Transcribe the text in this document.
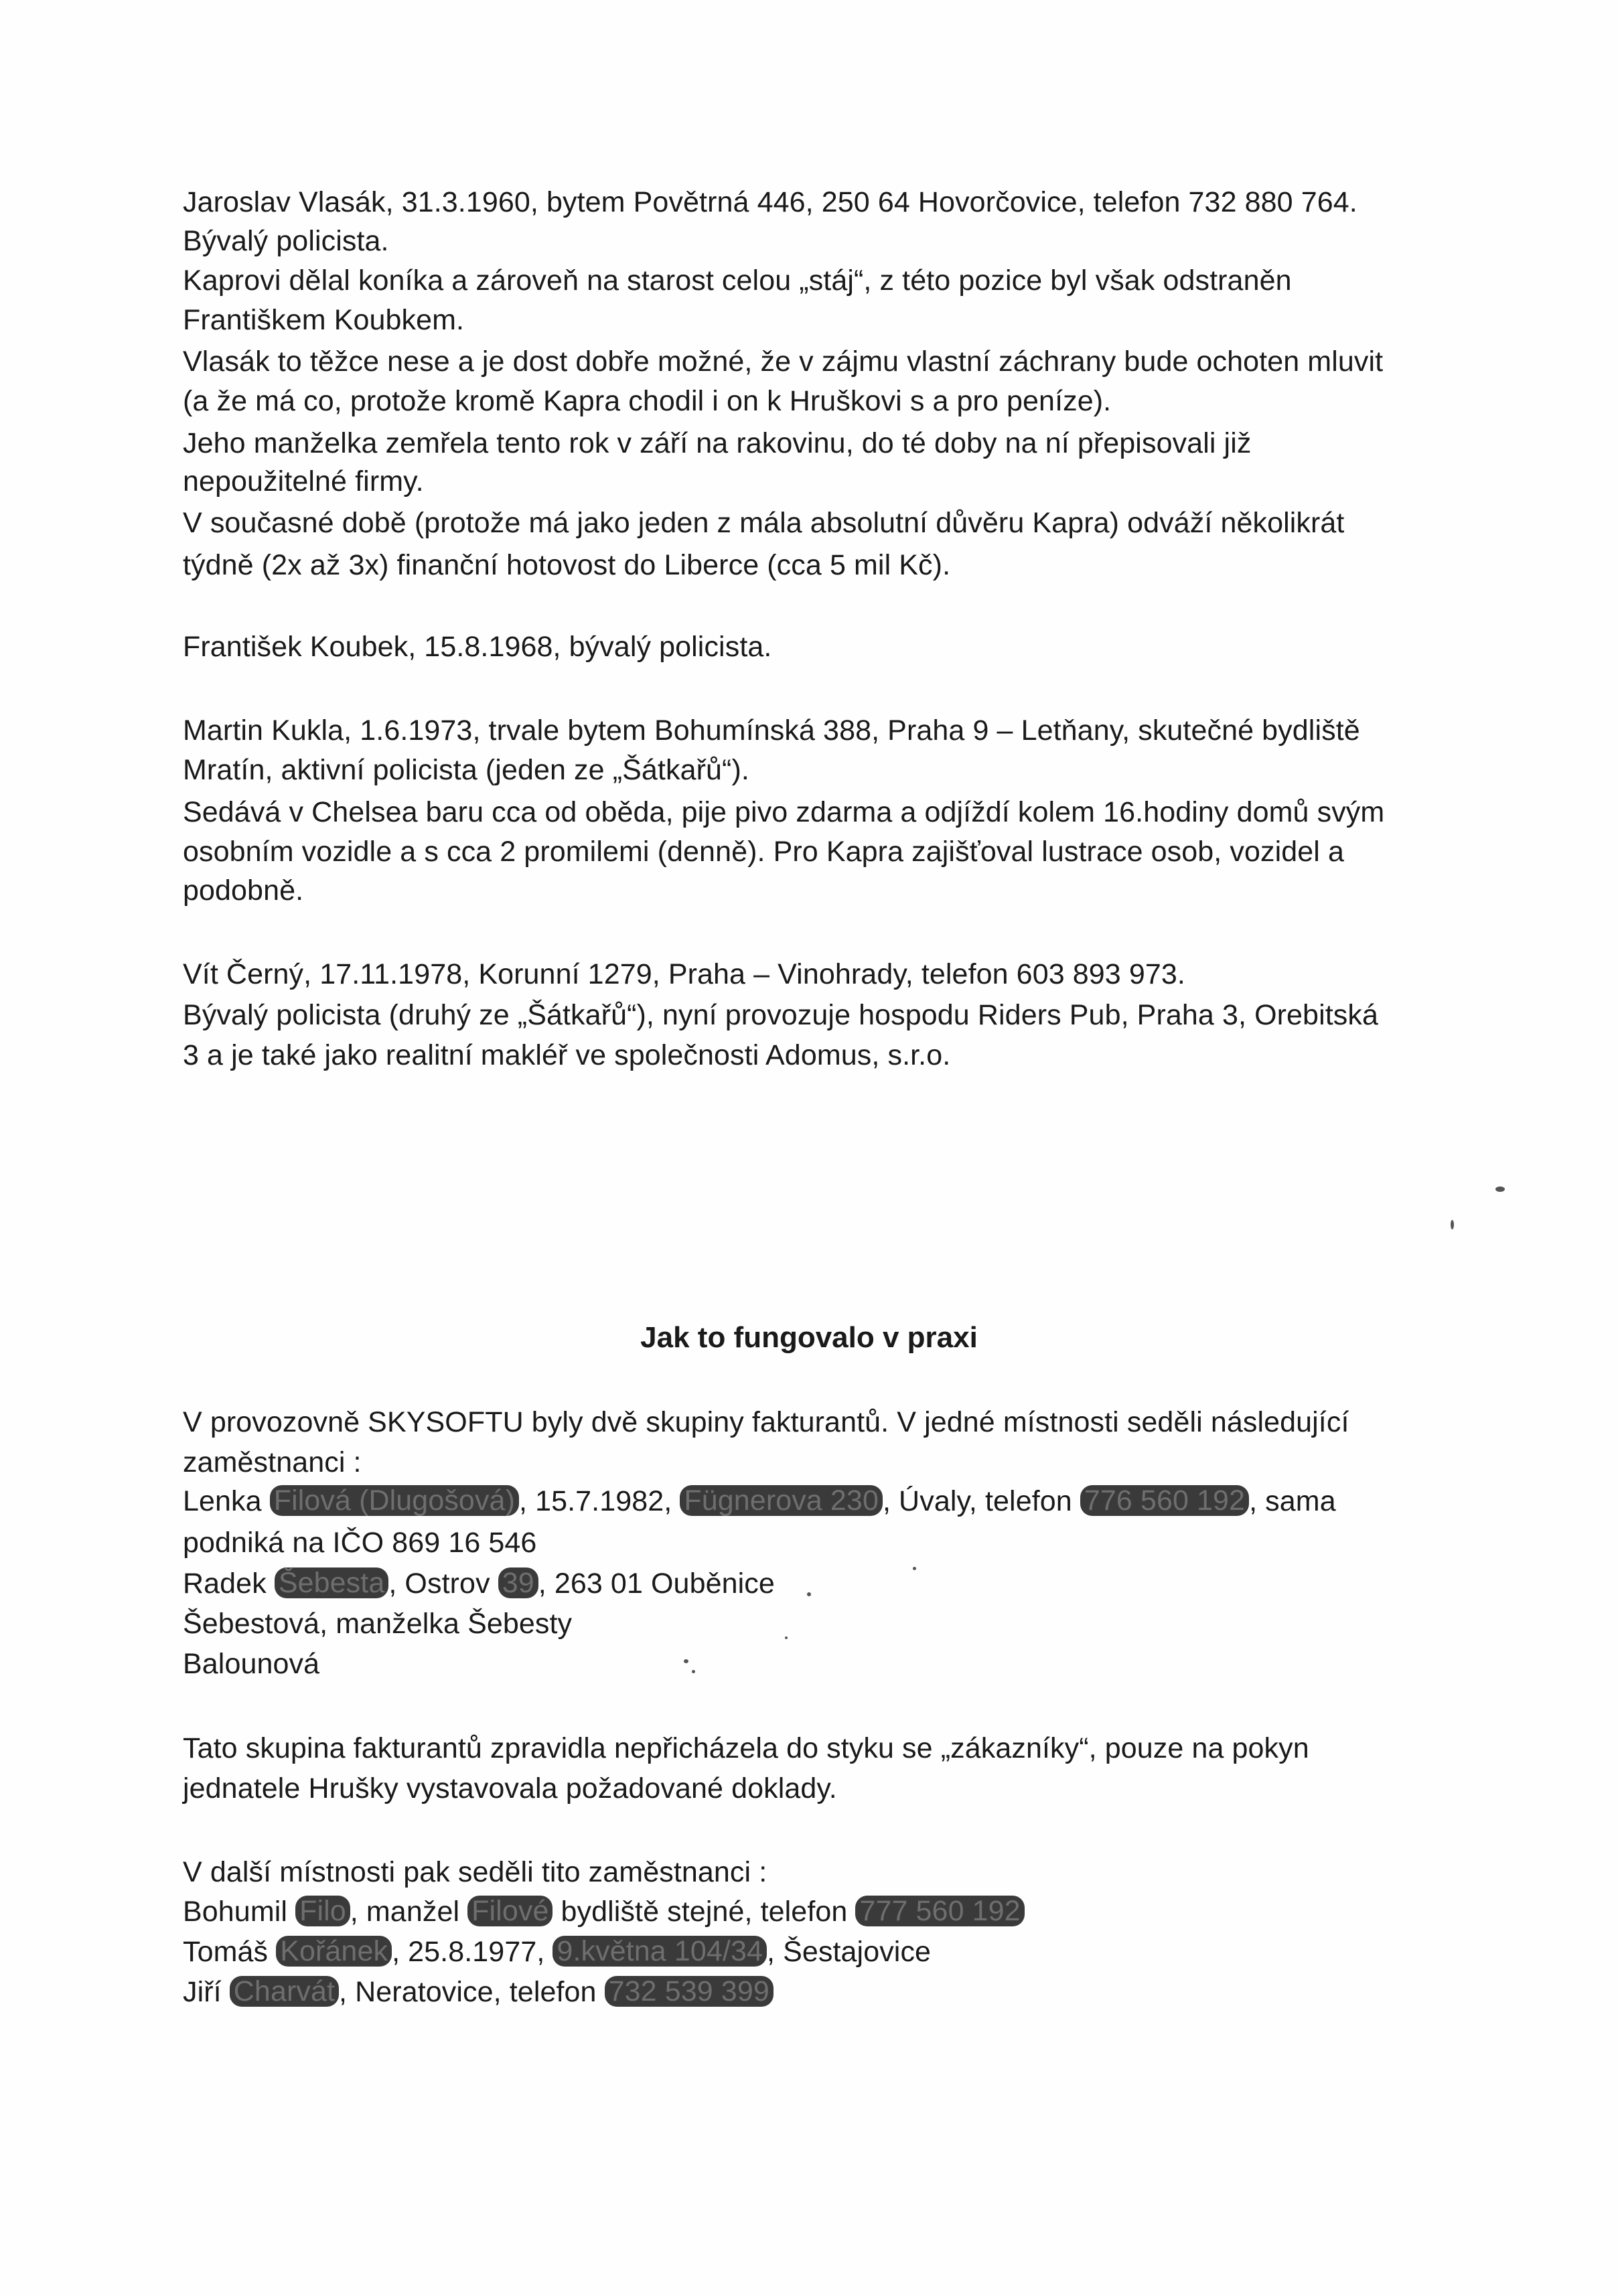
Jaroslav Vlasák, 31.3.1960, bytem Povětrná 446, 250 64 Hovorčovice, telefon 732 880 764.
Bývalý policista.
Kaprovi dělal koníka a zároveň na starost celou „stáj“, z této pozice byl však odstraněn
Františkem Koubkem.
Vlasák to těžce nese a je dost dobře možné, že v zájmu vlastní záchrany bude ochoten mluvit
(a že má co, protože kromě Kapra chodil i on k Hruškovi s a pro peníze).
Jeho manželka zemřela tento rok v září na rakovinu, do té doby na ní přepisovali již
nepoužitelné firmy.
V současné době (protože má jako jeden z mála absolutní důvěru Kapra) odváží několikrát
týdně (2x až 3x) finanční hotovost do Liberce (cca 5 mil Kč).
František Koubek, 15.8.1968, bývalý policista.
Martin Kukla, 1.6.1973, trvale bytem Bohumínská 388, Praha 9 – Letňany, skutečné bydliště
Mratín, aktivní policista (jeden ze „Šátkařů“).
Sedává v Chelsea baru cca od oběda, pije pivo zdarma a odjíždí kolem 16.hodiny domů svým
osobním vozidle a s cca 2 promilemi (denně). Pro Kapra zajišťoval lustrace osob, vozidel a
podobně.
Vít Černý, 17.11.1978, Korunní 1279, Praha – Vinohrady, telefon 603 893 973.
Bývalý policista (druhý ze „Šátkařů“), nyní provozuje hospodu Riders Pub, Praha 3, Orebitská
3 a je také jako realitní makléř ve společnosti Adomus, s.r.o.
Jak to fungovalo v praxi
V provozovně SKYSOFTU byly dvě skupiny fakturantů. V jedné místnosti seděli následující
zaměstnanci :
Lenka Filová (Dlugošová) , 15.7.1982, Fügnerova 230 , Úvaly, telefon 776 560 192 , sama
podniká na IČO 869 16 546
Radek Šebesta , Ostrov 39 , 263 01 Ouběnice
Šebestová, manželka Šebesty
Balounová
Tato skupina fakturantů zpravidla nepřicházela do styku se „zákazníky“, pouze na pokyn
jednatele Hrušky vystavovala požadované doklady.
V další místnosti pak seděli tito zaměstnanci :
Bohumil Filo , manžel Filové bydliště stejné, telefon 777 560 192
Tomáš Kořánek , 25.8.1977, 9.května 104/34 , Šestajovice
Jiří Charvát , Neratovice, telefon 732 539 399
